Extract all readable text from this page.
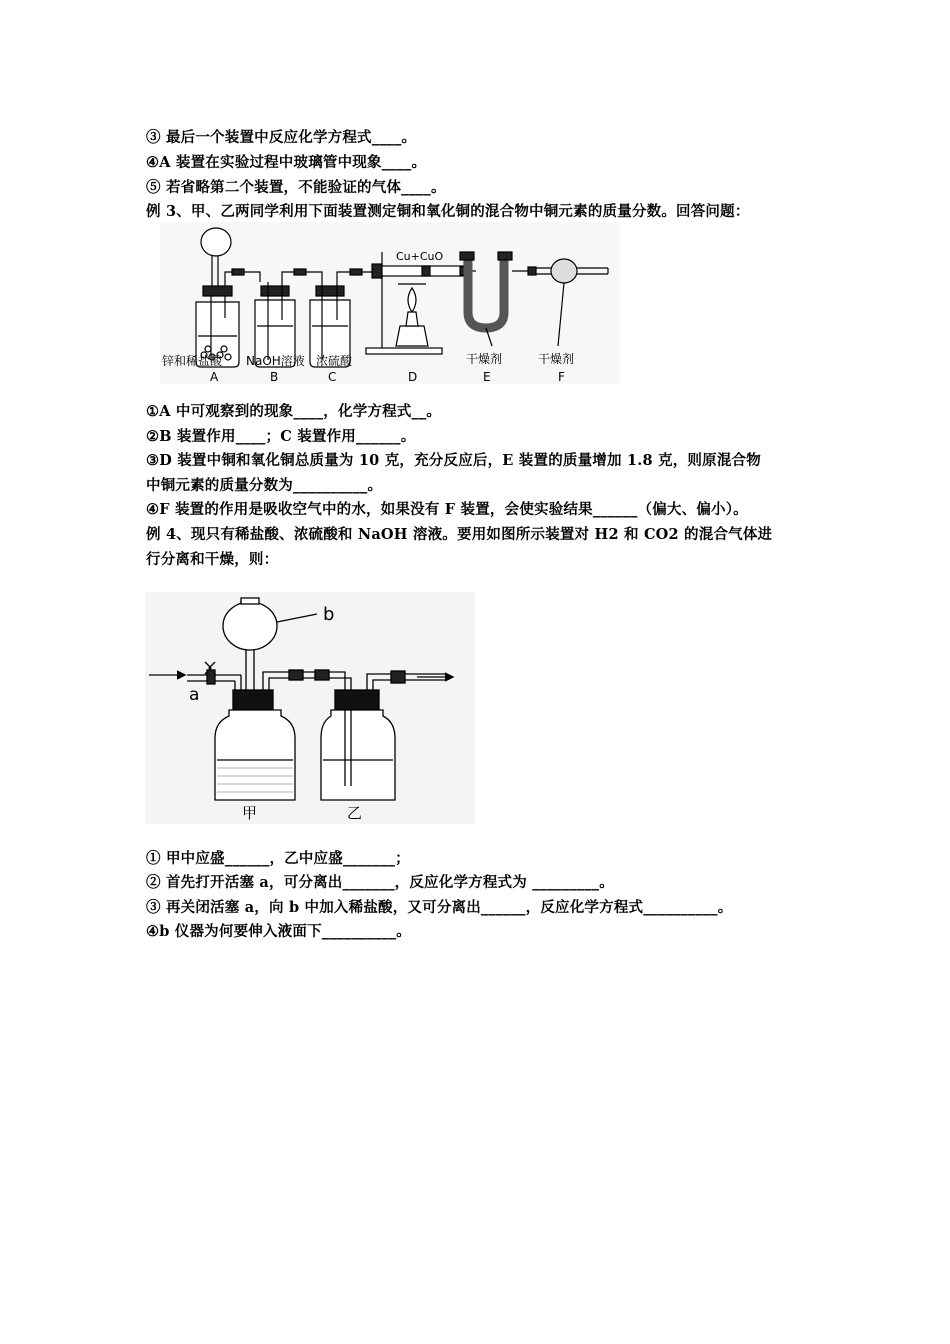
③ 最后一个装置中反应化学方程式____。
④A 装置在实验过程中玻璃管中现象____。
⑤ 若省略第二个装置，不能验证的气体____。
例 3、甲、乙两同学利用下面装置测定铜和氧化铜的混合物中铜元素的质量分数。回答问题：
Cu+CuO
锌和稀盐酸 NaOH溶液 浓硫酸	干燥剂	干燥剂
A	B	C	D	E	F
①A 中可观察到的现象____，化学方程式__。
②B 装置作用____；C 装置作用______。
③D 装置中铜和氧化铜总质量为 10 克，充分反应后，E 装置的质量增加 1.8 克，则原混合物
中铜元素的质量分数为__________。
④F 装置的作用是吸收空气中的水，如果没有 F 装置，会使实验结果______（偏大、偏小）。
例 4、现只有稀盐酸、浓硫酸和 NaOH 溶液。要用如图所示装置对 H2 和 CO2 的混合气体进
行分离和干燥，则：
b
a
甲	乙
① 甲中应盛______，乙中应盛_______；
② 首先打开活塞 a，可分离出_______，反应化学方程式为 _________。
③ 再关闭活塞 a，向 b 中加入稀盐酸，又可分离出______，反应化学方程式__________。
④b 仪器为何要伸入液面下__________。
